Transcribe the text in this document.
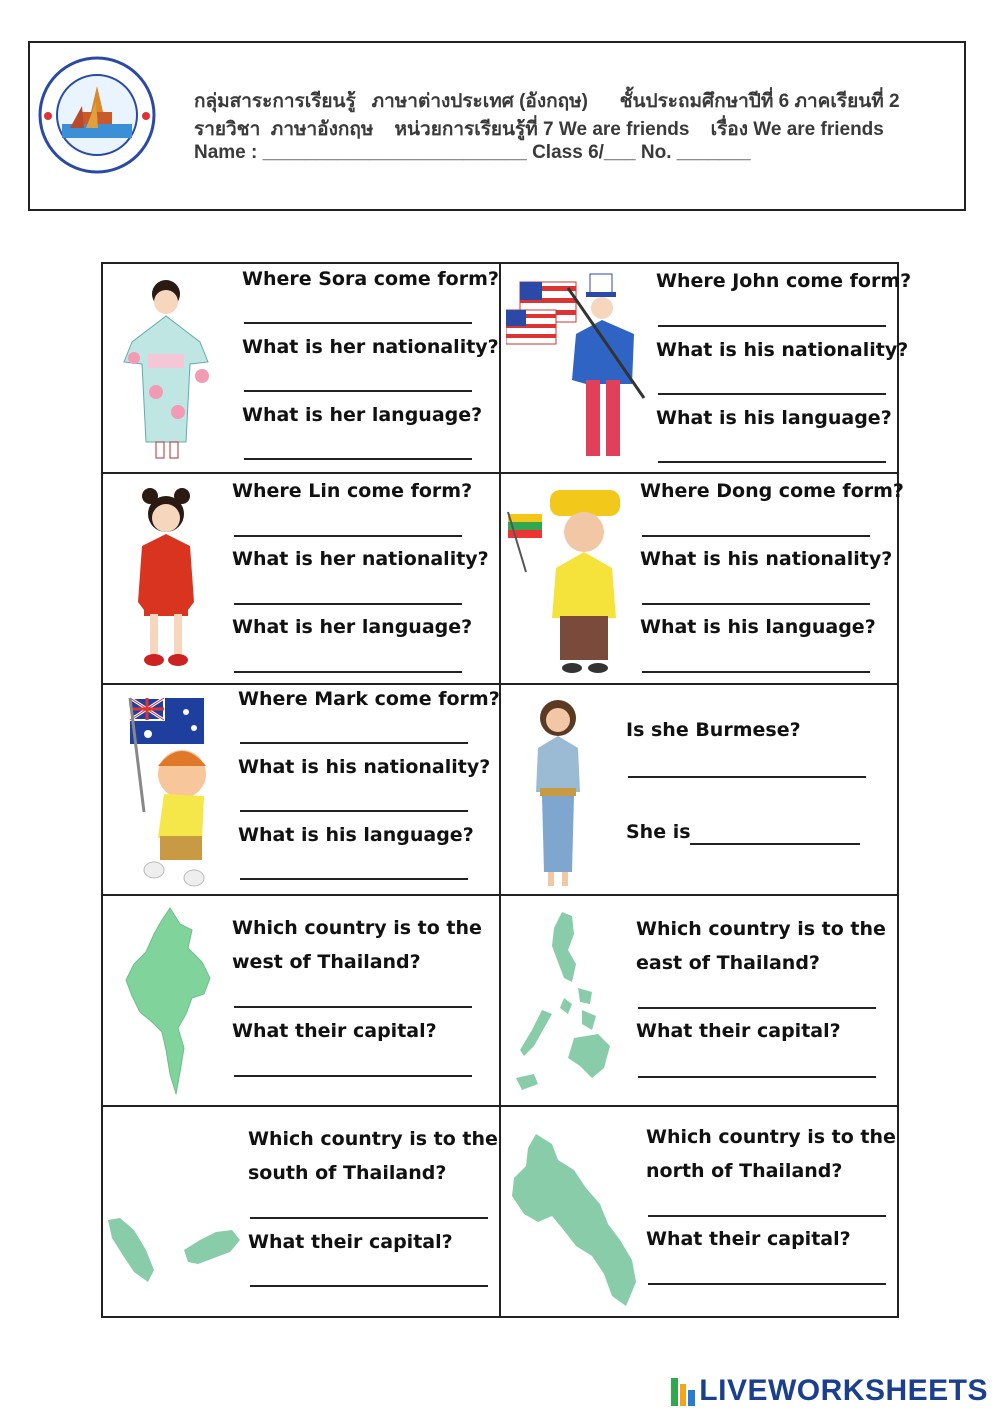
กลุ่มสาระการเรียนรู้   ภาษาต่างประเทศ (อังกฤษ)      ชั้นประถมศึกษาปีที่ 6 ภาคเรียนที่ 2
รายวิชา  ภาษาอังกฤษ    หน่วยการเรียนรู้ที่ 7 We are friends    เรื่อง We are friends
Name : _________________________ Class 6/___ No. _______
Where Sora come form?
What is her nationality?
What is her language?
Where John come form?
What is his nationality?
What is his language?
Where Lin come form?
What is her nationality?
What is her language?
Where Dong come form?
What is his nationality?
What is his language?
Where Mark come form?
What is his nationality?
What is his language?
Is she Burmese?
She is
Which country is to the
west of Thailand?
What their capital?
Which country is to the
east of Thailand?
What their capital?
Which country is to the
south of Thailand?
What their capital?
Which country is to the
north of Thailand?
What their capital?
LIVEWORKSHEETS
